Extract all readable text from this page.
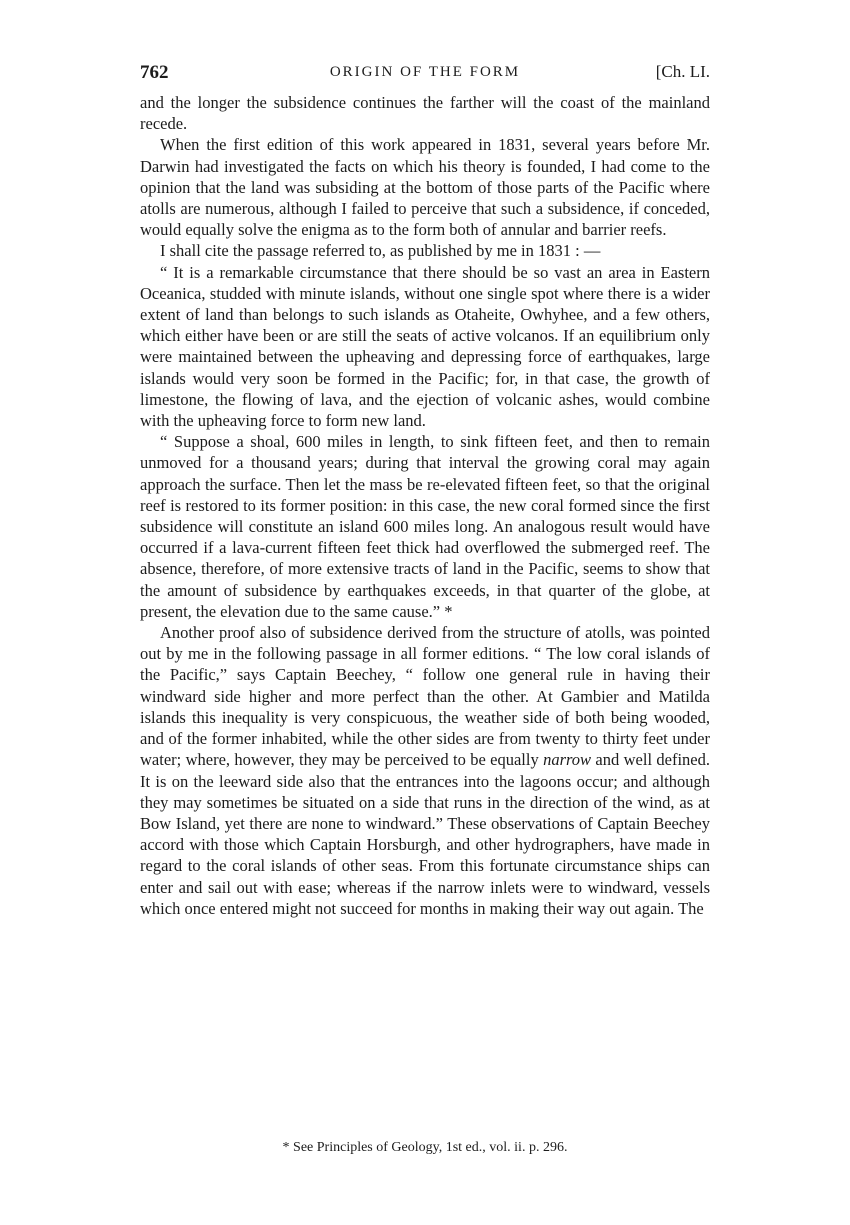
762	ORIGIN OF THE FORM	[Ch. LI.

and the longer the subsidence continues the farther will the coast of the mainland recede.

When the first edition of this work appeared in 1831, several years before Mr. Darwin had investigated the facts on which his theory is founded, I had come to the opinion that the land was subsiding at the bottom of those parts of the Pacific where atolls are numerous, although I failed to perceive that such a subsidence, if conceded, would equally solve the enigma as to the form both of annular and barrier reefs.

I shall cite the passage referred to, as published by me in 1831 : —

“ It is a remarkable circumstance that there should be so vast an area in Eastern Oceanica, studded with minute islands, without one single spot where there is a wider extent of land than belongs to such islands as Otaheite, Owhyhee, and a few others, which either have been or are still the seats of active volcanos. If an equilibrium only were maintained between the upheaving and depressing force of earthquakes, large islands would very soon be formed in the Pacific; for, in that case, the growth of limestone, the flowing of lava, and the ejection of volcanic ashes, would combine with the upheaving force to form new land.

“ Suppose a shoal, 600 miles in length, to sink fifteen feet, and then to remain unmoved for a thousand years; during that interval the growing coral may again approach the surface. Then let the mass be re-elevated fifteen feet, so that the original reef is restored to its former position: in this case, the new coral formed since the first subsidence will constitute an island 600 miles long. An analogous result would have occurred if a lava-current fifteen feet thick had overflowed the submerged reef. The absence, therefore, of more extensive tracts of land in the Pacific, seems to show that the amount of subsidence by earthquakes exceeds, in that quarter of the globe, at present, the elevation due to the same cause.” *

Another proof also of subsidence derived from the structure of atolls, was pointed out by me in the following passage in all former editions. “ The low coral islands of the Pacific,” says Captain Beechey, “ follow one general rule in having their windward side higher and more perfect than the other. At Gambier and Matilda islands this inequality is very conspicuous, the weather side of both being wooded, and of the former inhabited, while the other sides are from twenty to thirty feet under water; where, however, they may be perceived to be equally narrow and well defined. It is on the leeward side also that the entrances into the lagoons occur; and although they may sometimes be situated on a side that runs in the direction of the wind, as at Bow Island, yet there are none to windward.” These observations of Captain Beechey accord with those which Captain Horsburgh, and other hydrographers, have made in regard to the coral islands of other seas. From this fortunate circumstance ships can enter and sail out with ease; whereas if the narrow inlets were to windward, vessels which once entered might not succeed for months in making their way out again. The

* See Principles of Geology, 1st ed., vol. ii. p. 296.
